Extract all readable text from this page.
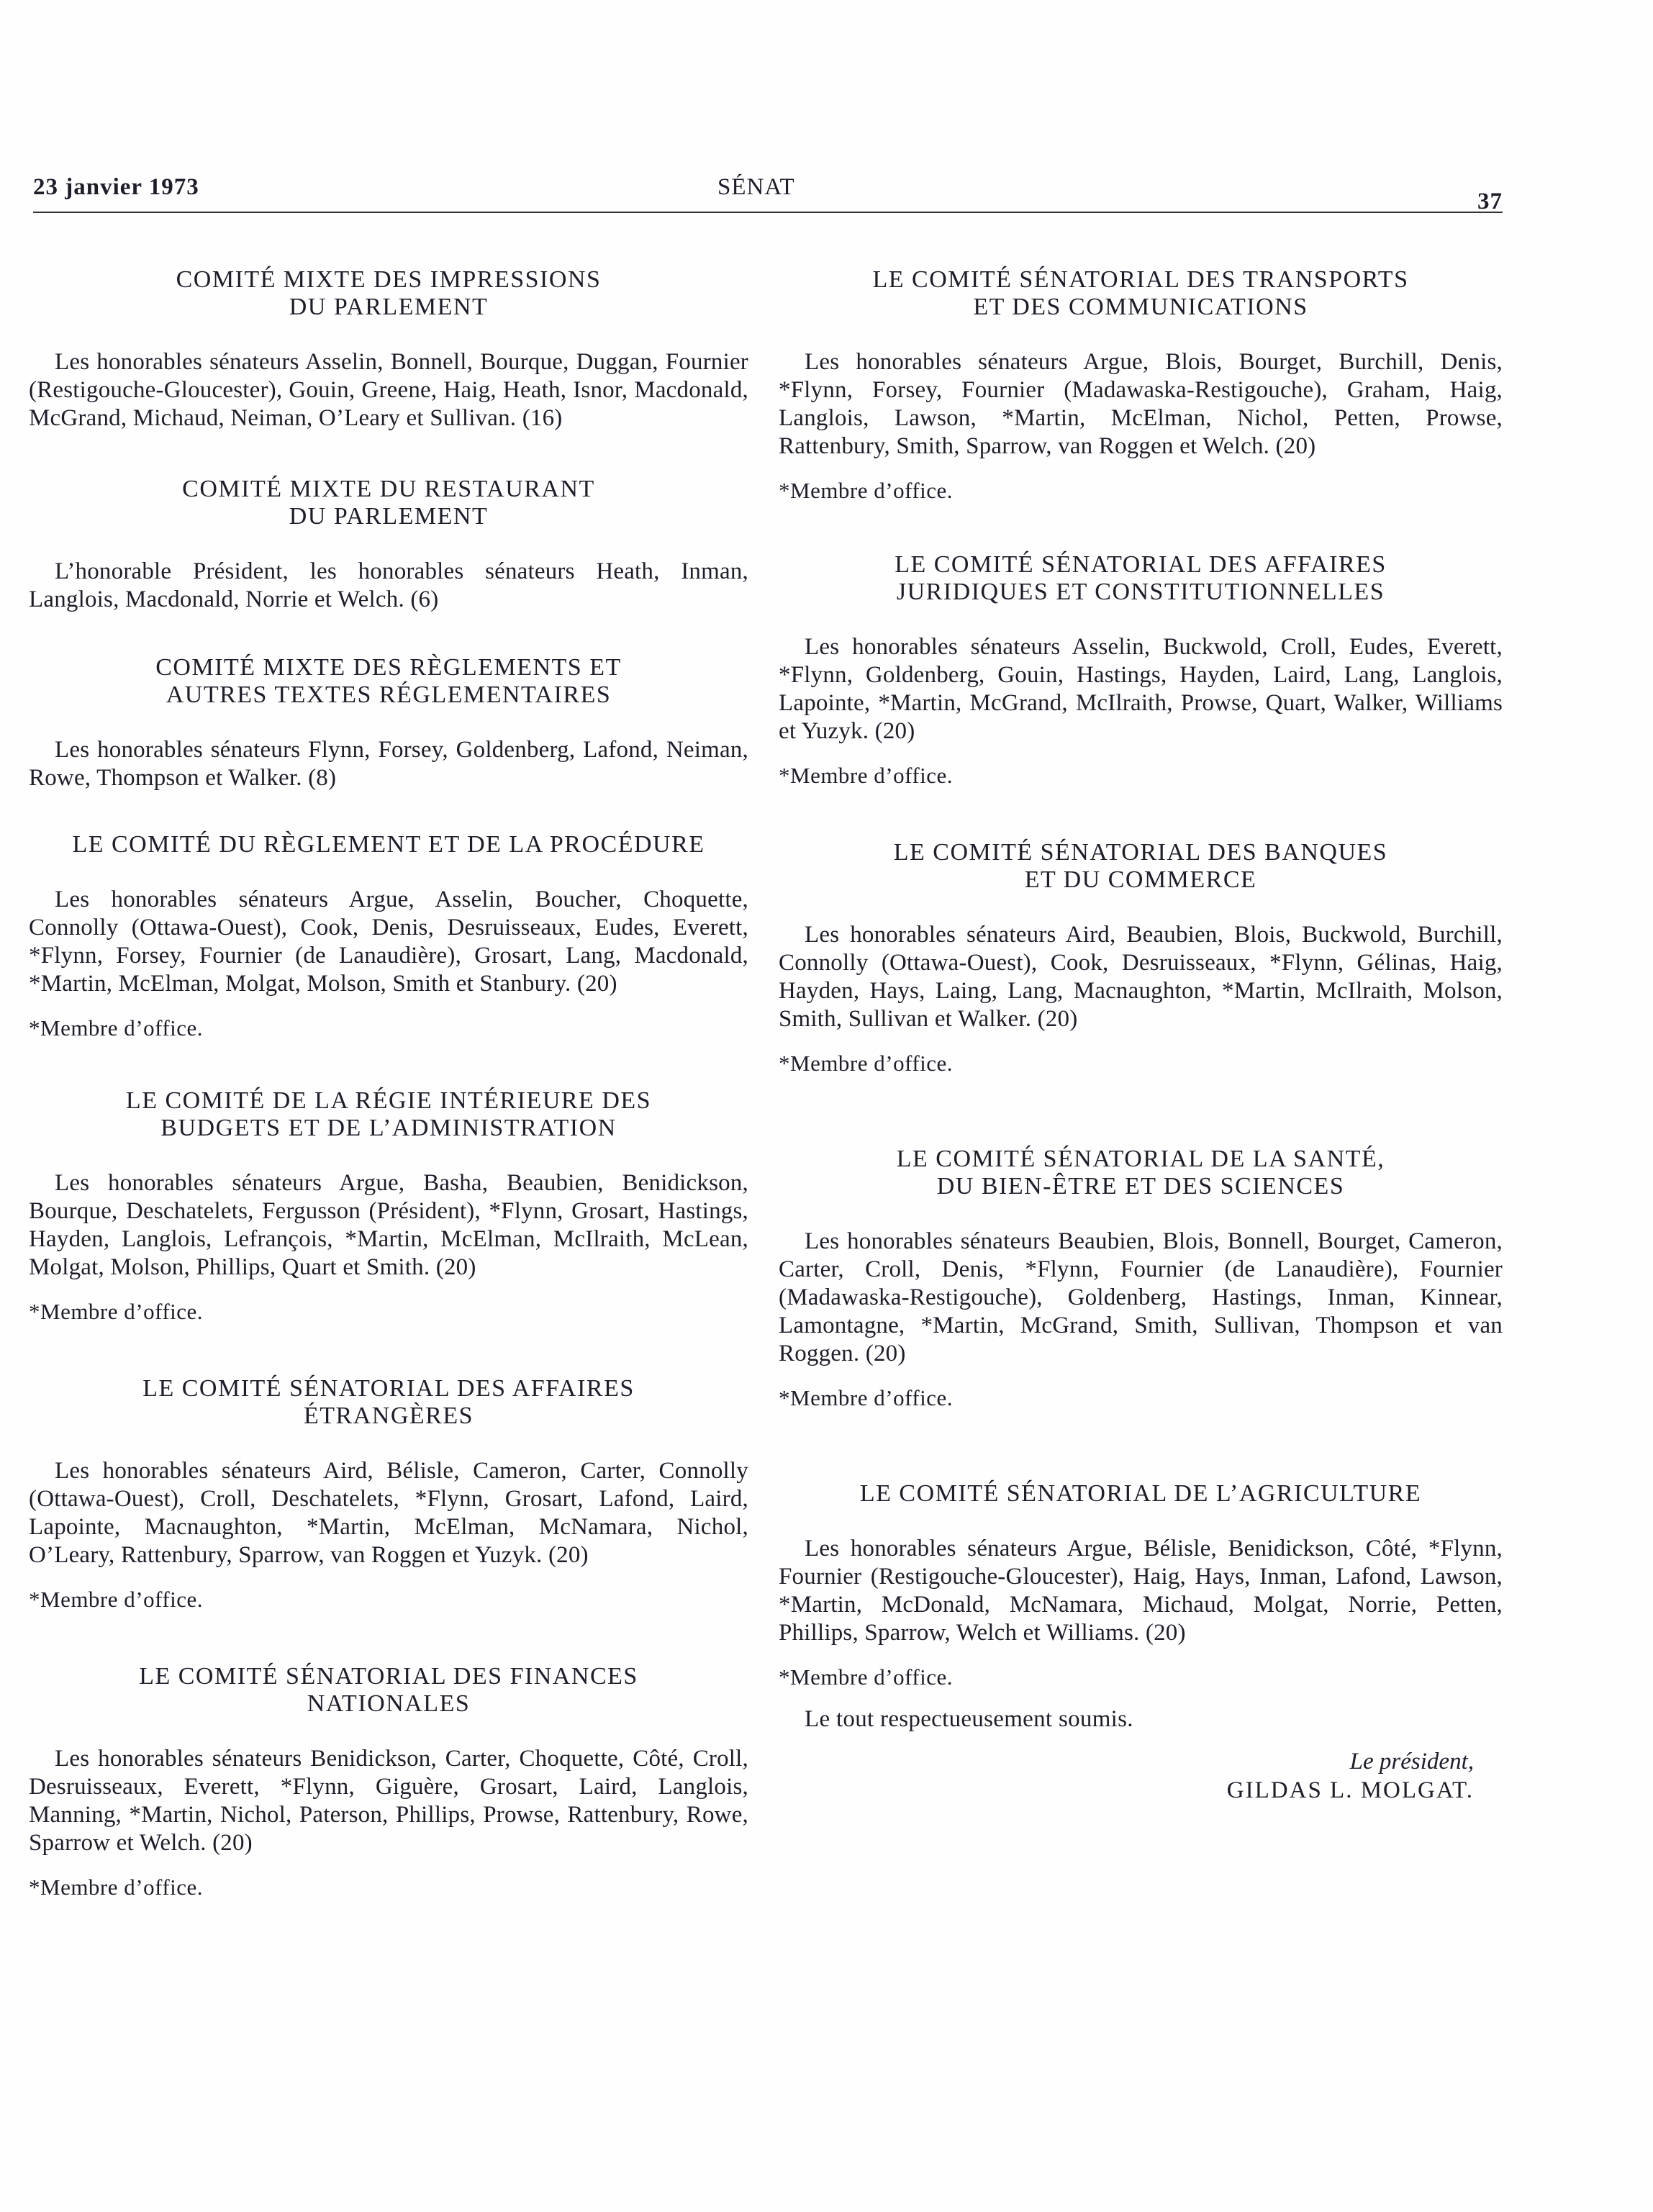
23 janvier 1973	SÉNAT
37
COMITÉ MIXTE DES IMPRESSIONS
DU PARLEMENT

Les honorables sénateurs Asselin, Bonnell, Bourque, Duggan, Fournier (Restigouche-Gloucester), Gouin, Greene, Haig, Heath, Isnor, Macdonald, McGrand, Michaud, Neiman, O’Leary et Sullivan. (16)

COMITÉ MIXTE DU RESTAURANT
DU PARLEMENT

L’honorable Président, les honorables sénateurs Heath, Inman, Langlois, Macdonald, Norrie et Welch. (6)

COMITÉ MIXTE DES RÈGLEMENTS ET
AUTRES TEXTES RÉGLEMENTAIRES

Les honorables sénateurs Flynn, Forsey, Goldenberg, Lafond, Neiman, Rowe, Thompson et Walker. (8)

LE COMITÉ DU RÈGLEMENT ET DE LA PROCÉDURE

Les honorables sénateurs Argue, Asselin, Boucher, Choquette, Connolly (Ottawa-Ouest), Cook, Denis, Desruisseaux, Eudes, Everett, *Flynn, Forsey, Fournier (de Lanaudière), Grosart, Lang, Macdonald, *Martin, McElman, Molgat, Molson, Smith et Stanbury. (20)

*Membre d’office.

LE COMITÉ DE LA RÉGIE INTÉRIEURE DES
BUDGETS ET DE L’ADMINISTRATION

Les honorables sénateurs Argue, Basha, Beaubien, Benidickson, Bourque, Deschatelets, Fergusson (Président), *Flynn, Grosart, Hastings, Hayden, Langlois, Lefrançois, *Martin, McElman, McIlraith, McLean, Molgat, Molson, Phillips, Quart et Smith. (20)

*Membre d’office.

LE COMITÉ SÉNATORIAL DES AFFAIRES
ÉTRANGÈRES

Les honorables sénateurs Aird, Bélisle, Cameron, Carter, Connolly (Ottawa-Ouest), Croll, Deschatelets, *Flynn, Grosart, Lafond, Laird, Lapointe, Macnaughton, *Martin, McElman, McNamara, Nichol, O’Leary, Rattenbury, Sparrow, van Roggen et Yuzyk. (20)

*Membre d’office.

LE COMITÉ SÉNATORIAL DES FINANCES
NATIONALES

Les honorables sénateurs Benidickson, Carter, Choquette, Côté, Croll, Desruisseaux, Everett, *Flynn, Giguère, Grosart, Laird, Langlois, Manning, *Martin, Nichol, Paterson, Phillips, Prowse, Rattenbury, Rowe, Sparrow et Welch. (20)

*Membre d’office.

LE COMITÉ SÉNATORIAL DES TRANSPORTS
ET DES COMMUNICATIONS

Les honorables sénateurs Argue, Blois, Bourget, Burchill, Denis, *Flynn, Forsey, Fournier (Madawaska-Restigouche), Graham, Haig, Langlois, Lawson, *Martin, McElman, Nichol, Petten, Prowse, Rattenbury, Smith, Sparrow, van Roggen et Welch. (20)

*Membre d’office.

LE COMITÉ SÉNATORIAL DES AFFAIRES
JURIDIQUES ET CONSTITUTIONNELLES

Les honorables sénateurs Asselin, Buckwold, Croll, Eudes, Everett, *Flynn, Goldenberg, Gouin, Hastings, Hayden, Laird, Lang, Langlois, Lapointe, *Martin, McGrand, McIlraith, Prowse, Quart, Walker, Williams et Yuzyk. (20)

*Membre d’office.

LE COMITÉ SÉNATORIAL DES BANQUES
ET DU COMMERCE

Les honorables sénateurs Aird, Beaubien, Blois, Buckwold, Burchill, Connolly (Ottawa-Ouest), Cook, Desruisseaux, *Flynn, Gélinas, Haig, Hayden, Hays, Laing, Lang, Macnaughton, *Martin, McIlraith, Molson, Smith, Sullivan et Walker. (20)

*Membre d’office.

LE COMITÉ SÉNATORIAL DE LA SANTÉ,
DU BIEN-ÊTRE ET DES SCIENCES

Les honorables sénateurs Beaubien, Blois, Bonnell, Bourget, Cameron, Carter, Croll, Denis, *Flynn, Fournier (de Lanaudière), Fournier (Madawaska-Restigouche), Goldenberg, Hastings, Inman, Kinnear, Lamontagne, *Martin, McGrand, Smith, Sullivan, Thompson et van Roggen. (20)

*Membre d’office.

LE COMITÉ SÉNATORIAL DE L’AGRICULTURE

Les honorables sénateurs Argue, Bélisle, Benidickson, Côté, *Flynn, Fournier (Restigouche-Gloucester), Haig, Hays, Inman, Lafond, Lawson, *Martin, McDonald, McNamara, Michaud, Molgat, Norrie, Petten, Phillips, Sparrow, Welch et Williams. (20)

*Membre d’office.

Le tout respectueusement soumis.

Le président,
GILDAS L. MOLGAT.
